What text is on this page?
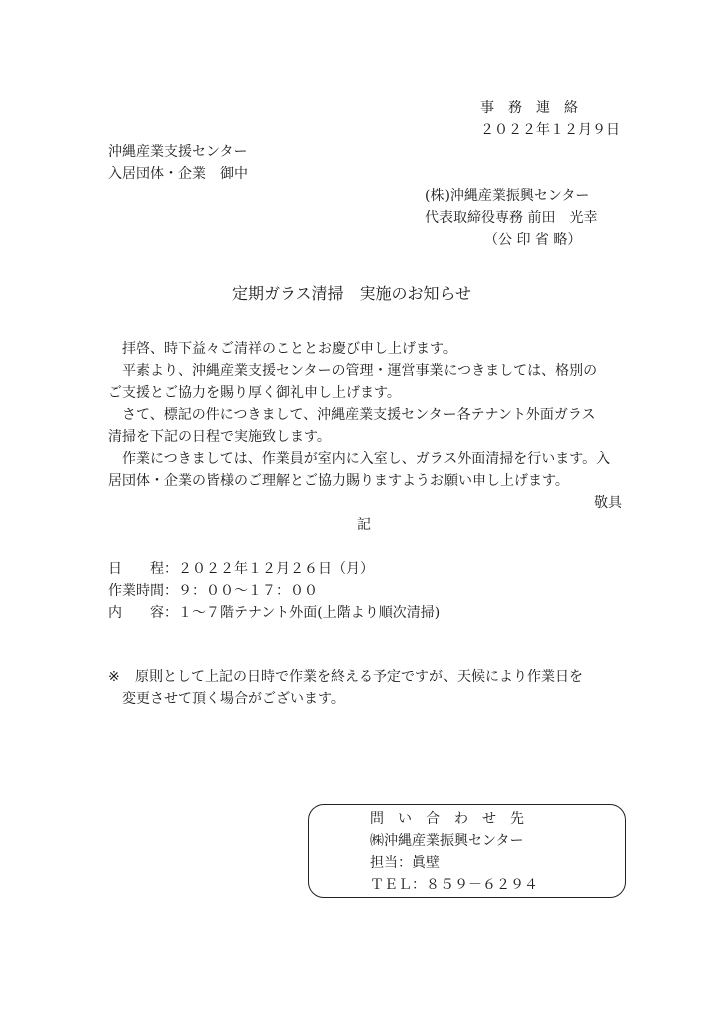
事　務　連　絡
２０２２年１２月９日
沖縄産業支援センター
入居団体・企業　御中
(株)沖縄産業振興センター
代表取締役専務 前田　光幸
（公 印 省 略）
定期ガラス清掃　実施のお知らせ
拝啓、時下益々ご清祥のこととお慶び申し上げます。
平素より、沖縄産業支援センターの管理・運営事業につきましては、格別の
ご支援とご協力を賜り厚く御礼申し上げます。
さて、標記の件につきまして、沖縄産業支援センター各テナント外面ガラス
清掃を下記の日程で実施致します。
作業につきましては、作業員が室内に入室し、ガラス外面清掃を行います。入
居団体・企業の皆様のご理解とご協力賜りますようお願い申し上げます。
敬具
記
日　　程：２０２２年１２月２６日（月）
作業時間：９：００～１７：００
内　　容：１～７階テナント外面(上階より順次清掃)
※ 原則として上記の日時で作業を終える予定ですが、天候により作業日を
変更させて頂く場合がございます。
問　い　合　わ　せ　先
㈱沖縄産業振興センター
担当：眞壁
ＴＥＬ：８５９－６２９４
